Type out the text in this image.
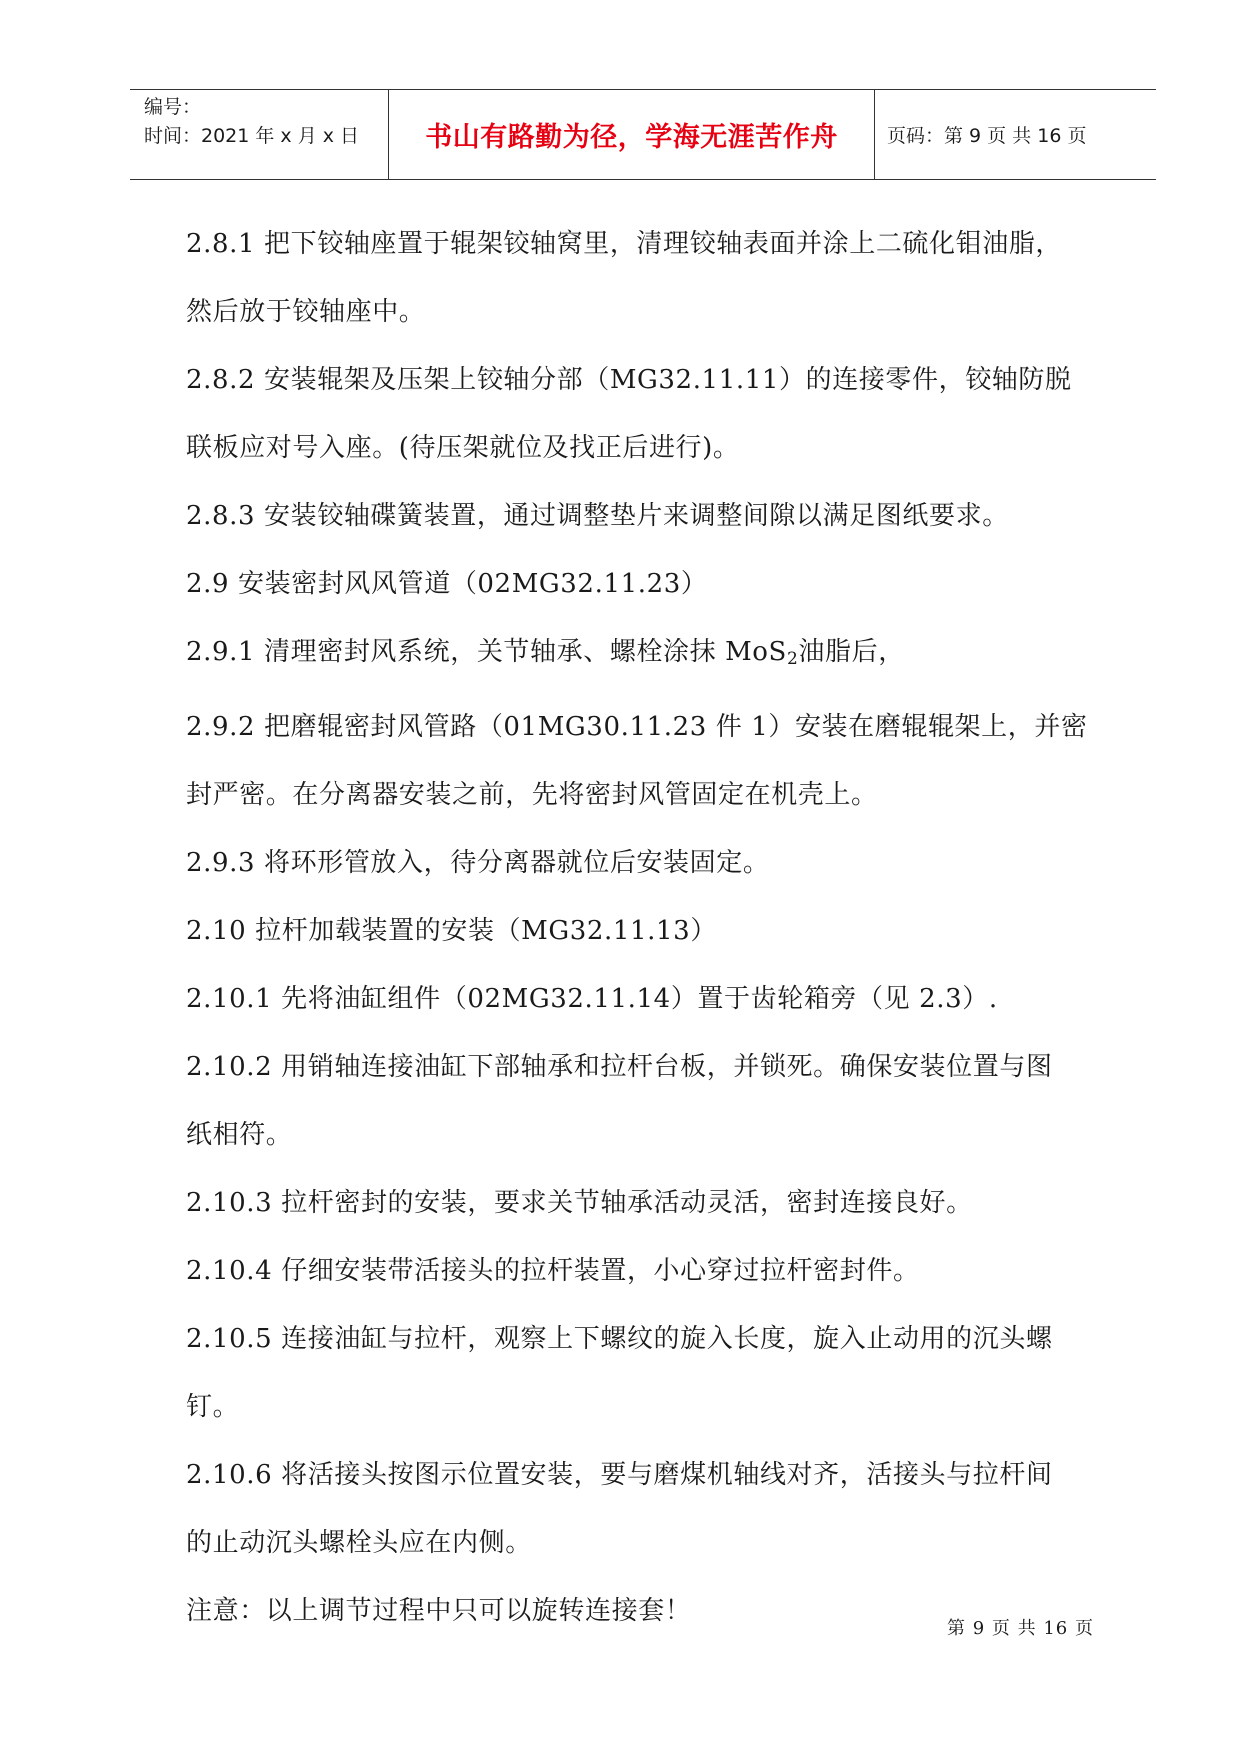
编号：
时间：2021 年 x 月 x 日	书山有路勤为径，学海无涯苦作舟	页码：第 9 页 共 16 页

2.8.1 把下铰轴座置于辊架铰轴窝里，清理铰轴表面并涂上二硫化钼油脂，

然后放于铰轴座中。

2.8.2 安装辊架及压架上铰轴分部（MG32.11.11）的连接零件，铰轴防脱

联板应对号入座。(待压架就位及找正后进行)。

2.8.3 安装铰轴碟簧装置，通过调整垫片来调整间隙以满足图纸要求。

2.9 安装密封风风管道（02MG32.11.23）

2.9.1 清理密封风系统，关节轴承、螺栓涂抹 MoS$_2$油脂后，

2.9.2 把磨辊密封风管路（01MG30.11.23 件 1）安装在磨辊辊架上，并密

封严密。在分离器安装之前，先将密封风管固定在机壳上。

2.9.3 将环形管放入，待分离器就位后安装固定。

2.10 拉杆加载装置的安装（MG32.11.13）

2.10.1 先将油缸组件（02MG32.11.14）置于齿轮箱旁（见 2.3）.

2.10.2 用销轴连接油缸下部轴承和拉杆台板，并锁死。确保安装位置与图

纸相符。

2.10.3 拉杆密封的安装，要求关节轴承活动灵活，密封连接良好。

2.10.4 仔细安装带活接头的拉杆装置，小心穿过拉杆密封件。

2.10.5 连接油缸与拉杆，观察上下螺纹的旋入长度，旋入止动用的沉头螺

钉。

2.10.6 将活接头按图示位置安装，要与磨煤机轴线对齐，活接头与拉杆间

的止动沉头螺栓头应在内侧。

注意：以上调节过程中只可以旋转连接套！

第 9 页 共 16 页
